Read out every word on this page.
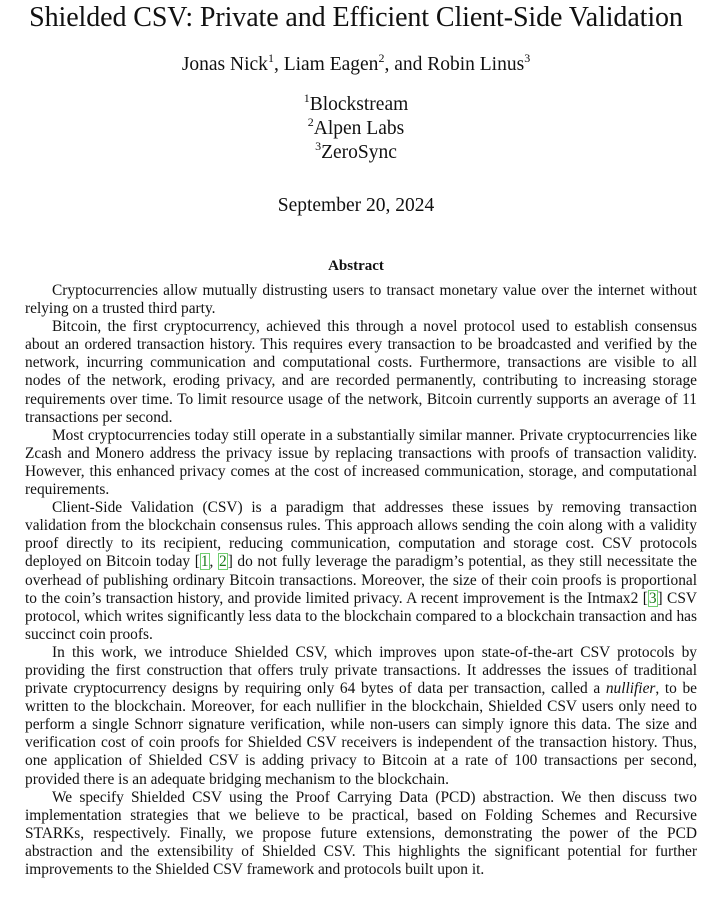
Shielded CSV: Private and Efficient Client-Side Validation
Jonas Nick$^1$, Liam Eagen$^2$, and Robin Linus$^3$
$^1$Blockstream
$^2$Alpen Labs
$^3$ZeroSync
September 20, 2024
Abstract

Cryptocurrencies allow mutually distrusting users to transact monetary value over the internet without relying on a trusted third party.

Bitcoin, the first cryptocurrency, achieved this through a novel protocol used to establish consensus about an ordered transaction history. This requires every transaction to be broadcasted and verified by the network, incurring communication and computational costs. Furthermore, transactions are visible to all nodes of the network, eroding privacy, and are recorded permanently, contributing to increasing storage requirements over time. To limit resource usage of the network, Bitcoin currently supports an average of 11 transactions per second.

Most cryptocurrencies today still operate in a substantially similar manner. Private cryptocurrencies like Zcash and Monero address the privacy issue by replacing transactions with proofs of transaction validity. However, this enhanced privacy comes at the cost of increased communication, storage, and computational requirements.

Client-Side Validation (CSV) is a paradigm that addresses these issues by removing transaction validation from the blockchain consensus rules. This approach allows sending the coin along with a validity proof directly to its recipient, reducing communication, computation and storage cost. CSV protocols deployed on Bitcoin today [1, 2] do not fully leverage the paradigm’s potential, as they still necessitate the overhead of publishing ordinary Bitcoin transactions. Moreover, the size of their coin proofs is proportional to the coin’s transaction history, and provide limited privacy. A recent improvement is the Intmax2 [3] CSV protocol, which writes significantly less data to the blockchain compared to a blockchain transaction and has succinct coin proofs.

In this work, we introduce Shielded CSV, which improves upon state-of-the-art CSV protocols by providing the first construction that offers truly private transactions. It addresses the issues of traditional private cryptocurrency designs by requiring only 64 bytes of data per transaction, called a nullifier, to be written to the blockchain. Moreover, for each nullifier in the blockchain, Shielded CSV users only need to perform a single Schnorr signature verification, while non-users can simply ignore this data. The size and verification cost of coin proofs for Shielded CSV receivers is independent of the transaction history. Thus, one application of Shielded CSV is adding privacy to Bitcoin at a rate of 100 transactions per second, provided there is an adequate bridging mechanism to the blockchain.

We specify Shielded CSV using the Proof Carrying Data (PCD) abstraction. We then discuss two implementation strategies that we believe to be practical, based on Folding Schemes and Recursive STARKs, respectively. Finally, we propose future extensions, demonstrating the power of the PCD abstraction and the extensibility of Shielded CSV. This highlights the significant potential for further improvements to the Shielded CSV framework and protocols built upon it.
